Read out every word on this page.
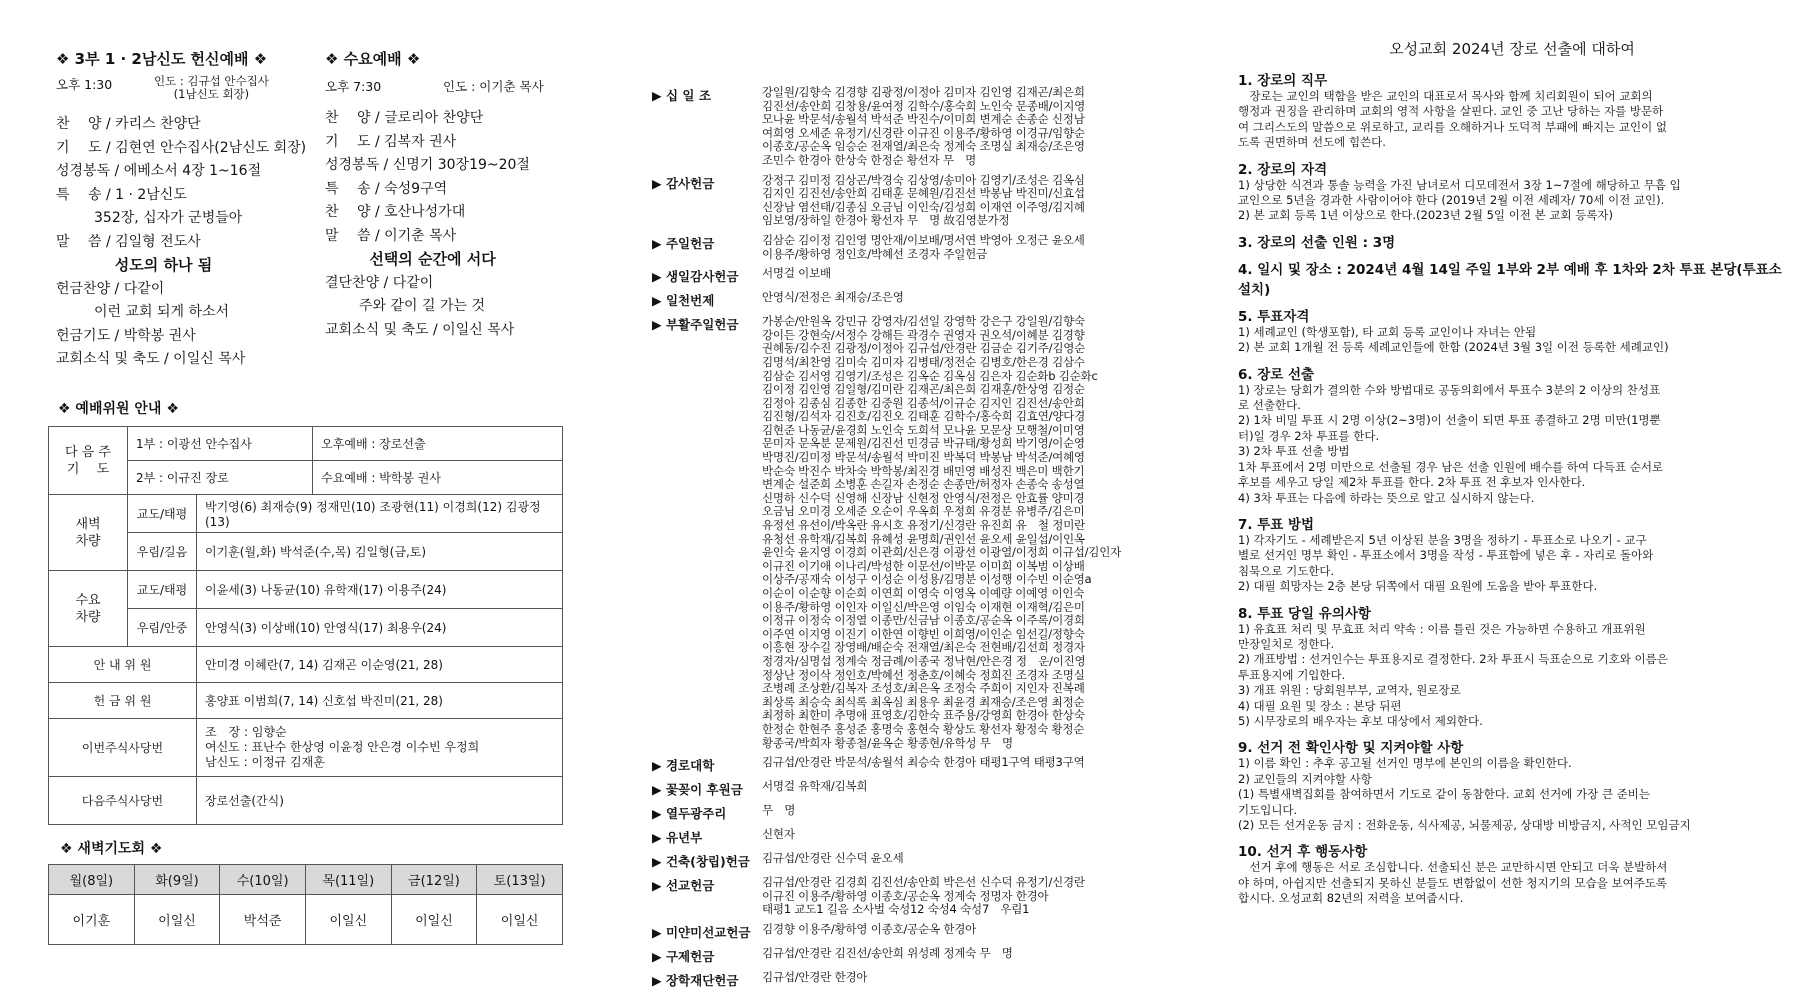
❖ 3부 1 · 2남신도 헌신예배 ❖
오후 1:30	인도 : 김규섭 안수집사
(1남신도 회장)
찬　 양 / 카리스 찬양단
기　 도 / 김현연 안수집사(2남신도 회장)
성경봉독 / 에베소서 4장 1~16절
특　 송 / 1 · 2남신도
352장, 십자가 군병들아
말　 씀 / 김일형 전도사
성도의 하나 됨
헌금찬양 / 다같이
이런 교회 되게 하소서
헌금기도 / 박학봉 권사
교회소식 및 축도 / 이일신 목사
❖ 수요예배 ❖
오후 7:30	인도 : 이기춘 목사
찬　 양 / 글로리아 찬양단
기　 도 / 김복자 권사
성경봉독 / 신명기 30장19~20절
특　 송 / 숙성9구역
찬　 양 / 호산나성가대
말　 씀 / 이기춘 목사
선택의 순간에 서다
결단찬양 / 다같이
주와 같이 길 가는 것
교회소식 및 축도 / 이일신 목사
❖ 예배위원 안내 ❖
다 음 주
기　 도	1부 : 이광선 안수집사		오후예배 : 장로선출
	2부 : 이규진 장로		수요예배 : 박학봉 권사
새벽
차량	교도/태평	박기영(6) 최재승(9) 정재민(10) 조광현(11) 이경희(12) 김광정(13)	
	우림/길음	이기훈(월,화) 박석준(수,목) 김일형(금,토)	
수요
차량	교도/태평	이윤세(3) 나동균(10) 유학재(17) 이용주(24)	
	우림/안중	안영식(3) 이상배(10) 안영식(17) 최용우(24)	
안 내 위 원		안미경 이혜란(7, 14) 김재곤 이순영(21, 28)	
헌 금 위 원		홍양표 이범희(7, 14) 신호섭 박진미(21, 28)	
이번주식사당번		조　장 : 임향순
여신도 : 표난수 한상영 이윤정 안은경 이수빈 우정희
남신도 : 이정규 김재훈	

다음주식사당번		장로선출(간식)	
❖ 새벽기도회 ❖
월(8일)	화(9일)	수(10일)	목(11일)	금(12일)	토(13일)
이기훈	이일신	박석준	이일신	이일신	이일신
▶ 십 일 조	강일원/김향숙 김경향 김광정/이정아 김미자 김인영 김재곤/최은희
김진선/송안희 김창용/윤여정 김학수/홍숙희 노인숙 문종배/이지영
모나윤 박문석/송월석 박석준 박진수/이미희 변계순 손종순 신정남
여희영 오세준 유정기/신경란 이규진 이용주/황하영 이경규/임향순
이종호/공순옥 임승순 전재열/최은숙 정계숙 조명실 최재승/조은영
조민수 한경아 한상숙 한정순 황선자 무　명
▶ 감사헌금	강정구 김미정 김상곤/박경숙 김상영/송미아 김영기/조성은 김옥심
김지인 김진선/송안희 김태훈 문혜원/김진선 박봉남 박진미/신효섭
신장남 염선태/김종심 오금님 이인숙/김성희 이재연 이주영/김지혜
임보영/장하일 한경아 황선자 무　명 故김영분가정
▶ 주일헌금	김삼순 김이정 김인영 명안재/이보배/명서연 박영아 오정근 윤오세
이용주/황하영 정인호/박혜선 조경자 주일헌금
▶ 생일감사헌금	서명걸 이보배
▶ 일천번제	안영식/전정은 최재승/조은영
▶ 부활주일헌금	가봉순/안원옥 강민규 강영자/김선일 강영학 강은구 강일원/김향숙
강이든 강현숙/서정수 강해든 곽경수 권영자 권오석/이혜분 김경향
권혜동/김수진 김광정/이정아 김규섭/안경란 김금순 김기주/김영순
김명석/최찬영 김미숙 김미자 김병태/정전순 김병호/한은경 김삼수
김삼순 김서영 김영기/조성은 김옥순 김옥심 김은자 김순화b 김순화c
김이정 김인영 김일형/김미란 김재곤/최은희 김재훈/한상영 김정순
김정아 김종심 김종한 김중원 김종석/이규순 김지인 김진선/송안희
김진형/김석자 김진호/김진오 김태훈 김학수/홍숙희 김효연/양다경
김현준 나동균/윤경희 노인숙 도희석 모나윤 모문상 모행철/이미영
문미자 문옥분 문제원/김진선 민경금 박규태/황성희 박기영/이순영
박명진/김미정 박문석/송월석 박미진 박복덕 박봉남 박석준/여혜영
박순숙 박진수 박차숙 박학봉/최진경 배민영 배성진 백은미 백한기
변계순 설준희 소병훈 손길자 손정순 손종만/허정자 손종숙 송성열
신명하 신수덕 신영해 신장남 신현정 안영식/전정은 안효률 양미경
오금님 오미경 오세준 오순이 우옥희 우정희 유경분 유병주/김은미
유정선 유선이/박옥란 유시호 유정기/신경란 유진희 유　철 정미란
유청선 유학재/김복희 유혜성 윤명희/권인선 윤오세 윤일섭/이인옥
윤인숙 윤지영 이경희 이관희/신은경 이광선 이광열/이정희 이규섭/김인자
이규진 이기애 이나리/박성한 이문선/이박문 이미희 이복범 이상배
이상주/공재숙 이성구 이성순 이성용/김명분 이성행 이수빈 이순영a
이순이 이순향 이순희 이연희 이영숙 이영옥 이예량 이예영 이인숙
이용주/황하영 이인자 이일신/박은영 이임숙 이재현 이재혁/김은미
이정규 이정숙 이정열 이종만/신금남 이종호/공순옥 이주록/이경희
이주연 이지영 이진기 이한연 이향빈 이희영/이인순 임선길/정향숙
이흥현 장수길 장영배/배순숙 전재열/최은숙 전현배/김선희 정경자
정경자/심명섭 정계숙 정금례/이종국 정낙현/안은경 정　운/이진영
정상난 정이삭 정인호/박혜선 정춘호/이혜숙 정희진 조경자 조명실
조병례 조상환/김복자 조성호/최은옥 조정숙 주희이 지인자 진복례
최상록 최승숙 최식록 최옥심 최용우 최윤경 최재승/조은영 최정순
최정하 최한미 추명애 표영호/김한숙 표주용/강영희 한경아 한상숙
한정순 한현주 홍성준 홍명숙 홍현숙 황상도 황선자 황정숙 황정순
황종국/박희자 황종철/윤옥순 황종현/유학성 무　명
▶ 경로대학	김규섭/안경란 박문석/송월석 최승숙 한경아 태평1구역 태평3구역
▶ 꽃꽂이 후원금	서명걸 유학재/김복희
▶ 열두광주리	무　명
▶ 유년부	신현자
▶ 건축(창립)헌금	김규섭/안경란 신수덕 윤오세
▶ 선교헌금	김규섭/안경란 김경희 김진선/송안희 박은선 신수덕 유정기/신경란
이규진 이용주/황하영 이종호/공순옥 정계숙 정명자 한경아
태평1 교도1 길음 소사벌 숙성12 숙성4 숙성7　우림1
▶ 미얀미선교헌금	김경향 이용주/황하영 이종호/공순옥 한경아
▶ 구제헌금	김규섭/안경란 김진선/송안희 위성례 정계숙 무　명
▶ 장학재단헌금	김규섭/안경란 한경아
오성교회 2024년 장로 선출에 대하여
1. 장로의 직무

　장로는 교인의 택함을 받은 교인의 대표로서 목사와 함께 치리회원이 되어 교회의
행정과 권징을 관리하며 교회의 영적 사항을 살핀다. 교인 중 고난 당하는 자를 방문하
여 그리스도의 말씀으로 위로하고, 교리를 오해하거나 도덕적 부패에 빠지는 교인이 없
도록 권면하며 선도에 힘쓴다.

2. 장로의 자격

1) 상당한 식견과 통솔 능력을 가진 남녀로서 디모데전서 3장 1~7절에 해당하고 무흠 입
교인으로 5년을 경과한 사람이어야 한다 (2019년 2월 이전 세례자/ 70세 이전 교인).
2) 본 교회 등록 1년 이상으로 한다.(2023년 2월 5일 이전 본 교회 등록자)

3. 장로의 선출 인원 : 3명
4. 일시 및 장소 : 2024년 4월 14일 주일 1부와 2부 예배 후 1차와 2차 투표 본당(투표소 설치)
5. 투표자격

1) 세례교인 (학생포함), 타 교회 등록 교인이나 자녀는 안됨
2) 본 교회 1개월 전 등록 세례교인들에 한함 (2024년 3월 3일 이전 등록한 세례교인)

6. 장로 선출

1) 장로는 당회가 결의한 수와 방법대로 공동의회에서 투표수 3분의 2 이상의 찬성표
로 선출한다.
2) 1차 비밀 투표 시 2명 이상(2~3명)이 선출이 되면 투표 종결하고 2명 미만(1명뿐
터)일 경우 2차 투표를 한다.
3) 2차 투표 선출 방법
1차 투표에서 2명 미만으로 선출될 경우 남은 선출 인원에 배수를 하여 다득표 순서로
후보를 세우고 당일 제2차 투표를 한다. 2차 투표 전 후보자 인사한다.
4) 3차 투표는 다음에 하라는 뜻으로 알고 실시하지 않는다.

7. 투표 방법

1) 각자기도 - 세례받은지 5년 이상된 분을 3명을 정하기 - 투표소로 나오기 - 교구
별로 선거인 명부 확인 - 투표소에서 3명을 작성 - 투표함에 넣은 후 - 자리로 돌아와
침묵으로 기도한다.
2) 대필 희망자는 2층 본당 뒤쪽에서 대필 요원에 도움을 받아 투표한다.

8. 투표 당일 유의사항

1) 유효표 처리 및 무효표 처리 약속 : 이름 틀린 것은 가능하면 수용하고 개표위원
만장일치로 정한다.
2) 개표방법 : 선거인수는 투표용지로 결정한다. 2차 투표시 득표순으로 기호와 이름은
투표용지에 기입한다.
3) 개표 위원 : 당회원부부, 교역자, 원로장로
4) 대필 요원 및 장소 : 본당 뒤편
5) 시무장로의 배우자는 후보 대상에서 제외한다.

9. 선거 전 확인사항 및 지켜야할 사항

1) 이름 확인 : 추후 공고될 선거인 명부에 본인의 이름을 확인한다.
2) 교인들의 지켜야할 사항
(1) 특별새벽집회를 참여하면서 기도로 같이 동참한다. 교회 선거에 가장 큰 준비는
기도입니다.
(2) 모든 선거운동 금지 : 전화운동, 식사제공, 뇌물제공, 상대방 비방금지, 사적인 모임금지

10. 선거 후 행동사항

　선거 후에 행동은 서로 조심합니다. 선출되신 분은 교만하시면 안되고 더욱 분발하셔
야 하며, 아쉽지만 선출되지 못하신 분들도 변함없이 선한 청지기의 모습을 보여주도록
합시다. 오성교회 82년의 저력을 보여줍시다.
